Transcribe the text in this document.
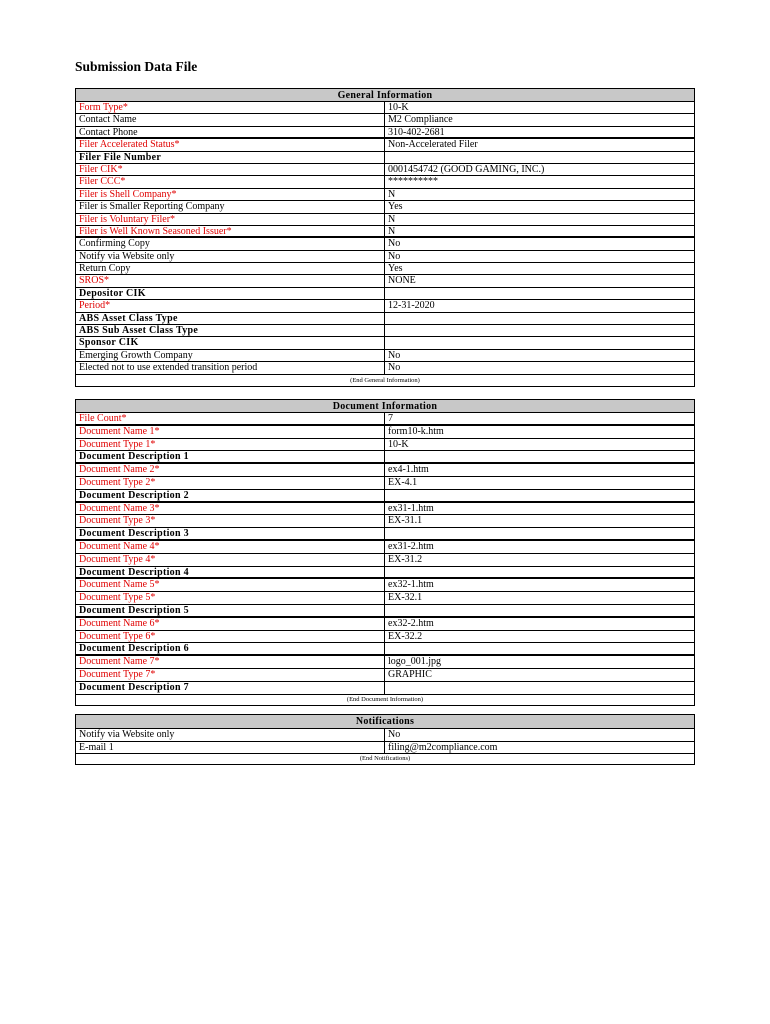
Submission Data File
General Information
Form Type*	10-K
Contact Name	M2 Compliance
Contact Phone	310-402-2681
Filer Accelerated Status*	Non-Accelerated Filer
Filer File Number
Filer CIK*	0001454742 (GOOD GAMING, INC.)
Filer CCC*	**********
Filer is Shell Company*	N
Filer is Smaller Reporting Company	Yes
Filer is Voluntary Filer*	N
Filer is Well Known Seasoned Issuer*	N
Confirming Copy	No
Notify via Website only	No
Return Copy	Yes
SROS*	NONE
Depositor CIK
Period*	12-31-2020
ABS Asset Class Type
ABS Sub Asset Class Type
Sponsor CIK
Emerging Growth Company	No
Elected not to use extended transition period	No
(End General Information)
Document Information
File Count*	7
Document Name 1*	form10-k.htm
Document Type 1*	10-K
Document Description 1
Document Name 2*	ex4-1.htm
Document Type 2*	EX-4.1
Document Description 2
Document Name 3*	ex31-1.htm
Document Type 3*	EX-31.1
Document Description 3
Document Name 4*	ex31-2.htm
Document Type 4*	EX-31.2
Document Description 4
Document Name 5*	ex32-1.htm
Document Type 5*	EX-32.1
Document Description 5
Document Name 6*	ex32-2.htm
Document Type 6*	EX-32.2
Document Description 6
Document Name 7*	logo_001.jpg
Document Type 7*	GRAPHIC
Document Description 7
(End Document Information)
Notifications
Notify via Website only	No
E-mail 1	filing@m2compliance.com
(End Notifications)
